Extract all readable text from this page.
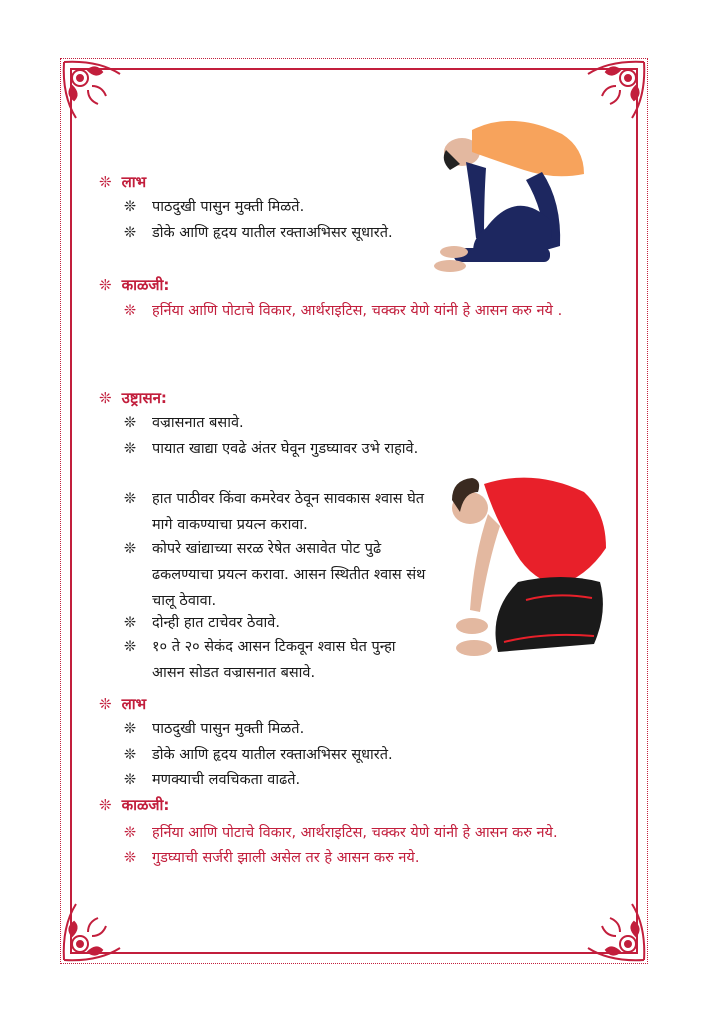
❊ लाभ
❊ पाठदुखी पासुन मुक्ती मिळते.
❊ डोके आणि हृदय यातील रक्ताअभिसर सूधारते.
❊ काळजी:
❊ हर्निया आणि पोटाचे विकार, आर्थराइटिस, चक्कर येणे यांनी हे आसन करु नये .
❊ उष्ट्रासन:
❊ वज्रासनात बसावे.
❊ पायात खाद्या एवढे अंतर घेवून गुडघ्यावर उभे राहावे.
❊ हात पाठीवर किंवा कमरेवर ठेवून सावकास श्वास घेत मागे वाकण्याचा प्रयत्न करावा.
❊ कोपरे खांद्याच्या सरळ रेषेत असावेत पोट पुढे ढकलण्याचा प्रयत्न करावा. आसन स्थितीत श्वास संथ चालू ठेवावा.
❊ दोन्ही हात टाचेवर ठेवावे.
❊ १० ते २० सेकंद आसन टिकवून श्वास घेत पुन्हा आसन सोडत वज्रासनात बसावे.
❊ लाभ
❊ पाठदुखी पासुन मुक्ती मिळते.
❊ डोके आणि हृदय यातील रक्ताअभिसर सूधारते.
❊ मणक्याची लवचिकता वाढते.
❊ काळजी:
❊ हर्निया आणि पोटाचे विकार, आर्थराइटिस, चक्कर येणे यांनी हे आसन करु नये.
❊ गुडघ्याची सर्जरी झाली असेल तर हे आसन करु नये.
